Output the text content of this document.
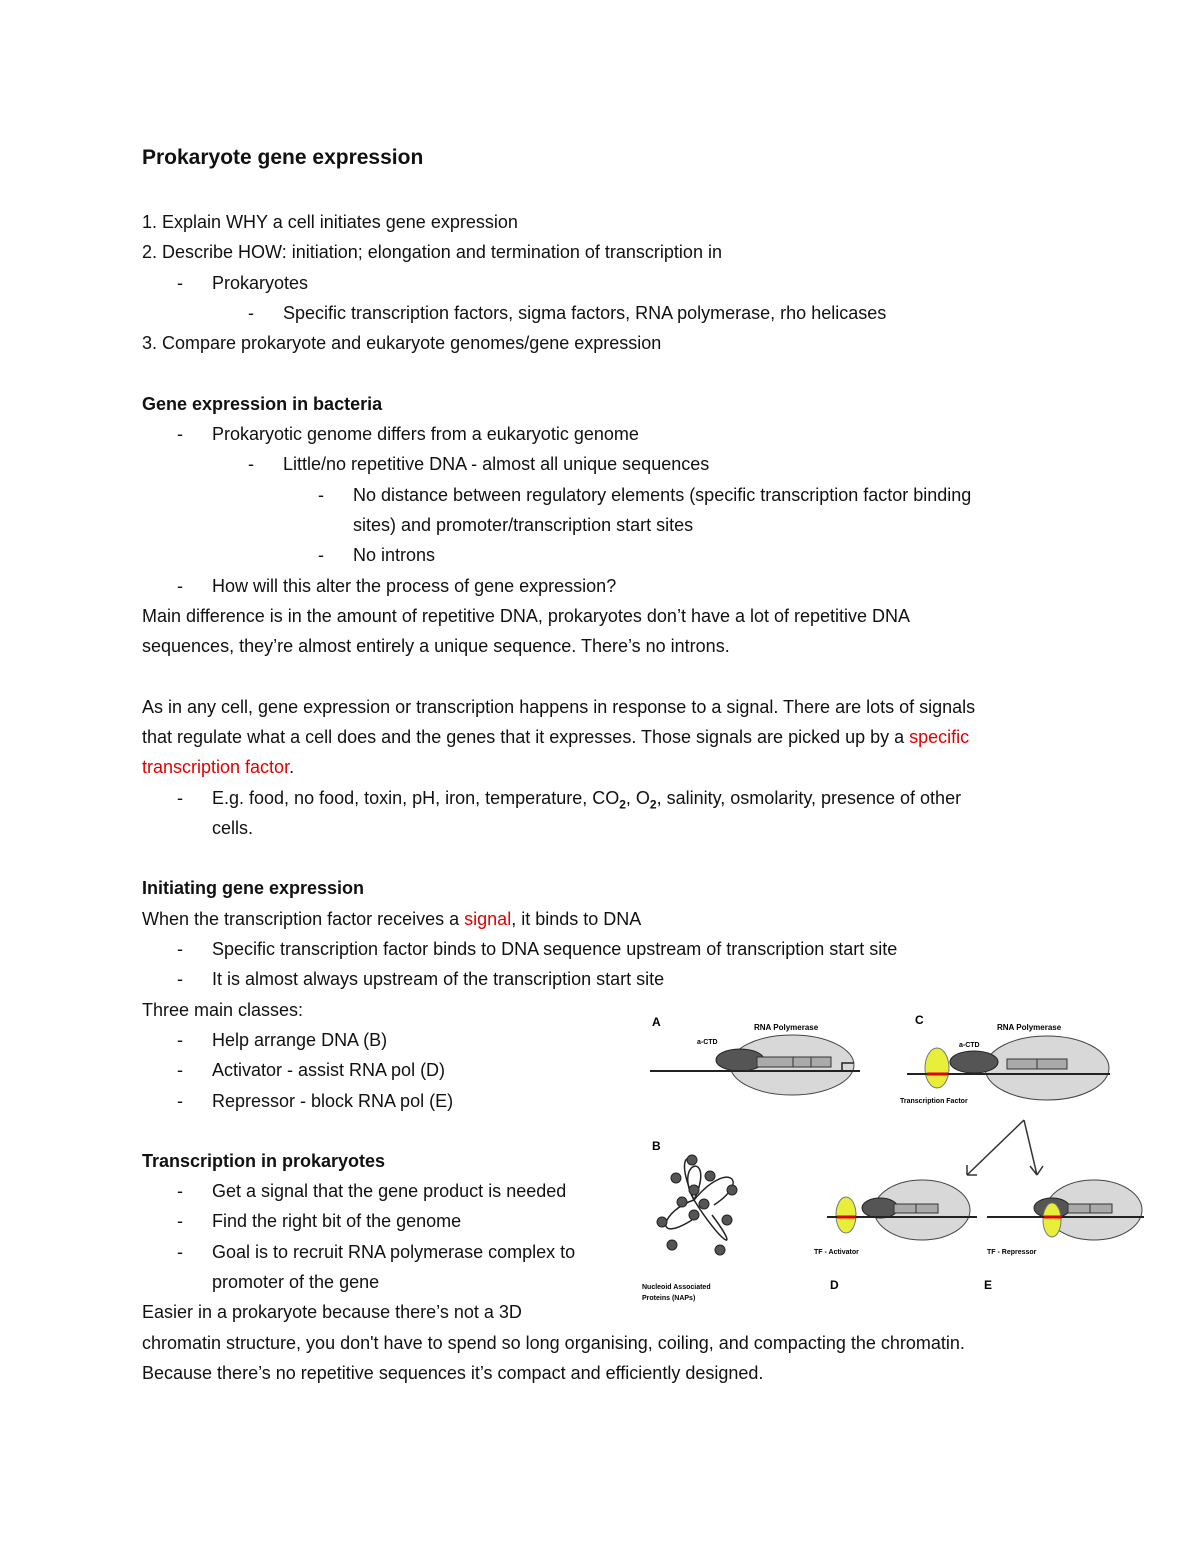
Prokaryote gene expression
1. Explain WHY a cell initiates gene expression
2. Describe HOW: initiation; elongation and termination of transcription in
- Prokaryotes
- Specific transcription factors, sigma factors, RNA polymerase, rho helicases
3. Compare prokaryote and eukaryote genomes/gene expression
Gene expression in bacteria
- Prokaryotic genome differs from a eukaryotic genome
- Little/no repetitive DNA - almost all unique sequences
- No distance between regulatory elements (specific transcription factor binding
sites) and promoter/transcription start sites
- No introns
- How will this alter the process of gene expression?
Main difference is in the amount of repetitive DNA, prokaryotes don’t have a lot of repetitive DNA
sequences, they’re almost entirely a unique sequence. There’s no introns.
As in any cell, gene expression or transcription happens in response to a signal. There are lots of signals
that regulate what a cell does and the genes that it expresses. Those signals are picked up by a specific
transcription factor.
- E.g. food, no food, toxin, pH, iron, temperature, $CO_2$, $O_2$, salinity, osmolarity, presence of other
cells.
Initiating gene expression
When the transcription factor receives a signal, it binds to DNA
- Specific transcription factor binds to DNA sequence upstream of transcription start site
- It is almost always upstream of the transcription start site
Three main classes:
- Help arrange DNA (B)
- Activator - assist RNA pol (D)
- Repressor - block RNA pol (E)
Transcription in prokaryotes
- Get a signal that the gene product is needed
- Find the right bit of the genome
- Goal is to recruit RNA polymerase complex to
promoter of the gene
Easier in a prokaryote because there’s not a 3D
chromatin structure, you don't have to spend so long organising, coiling, and compacting the chromatin.
Because there’s no repetitive sequences it’s compact and efficiently designed.
A	RNA Polymerase
a-CTD
C
RNA Polymerase
a-CTD
Transcription Factor
B
Nucleoid Associated
Proteins (NAPs)
TF - Activator
D
TF - Repressor
E
